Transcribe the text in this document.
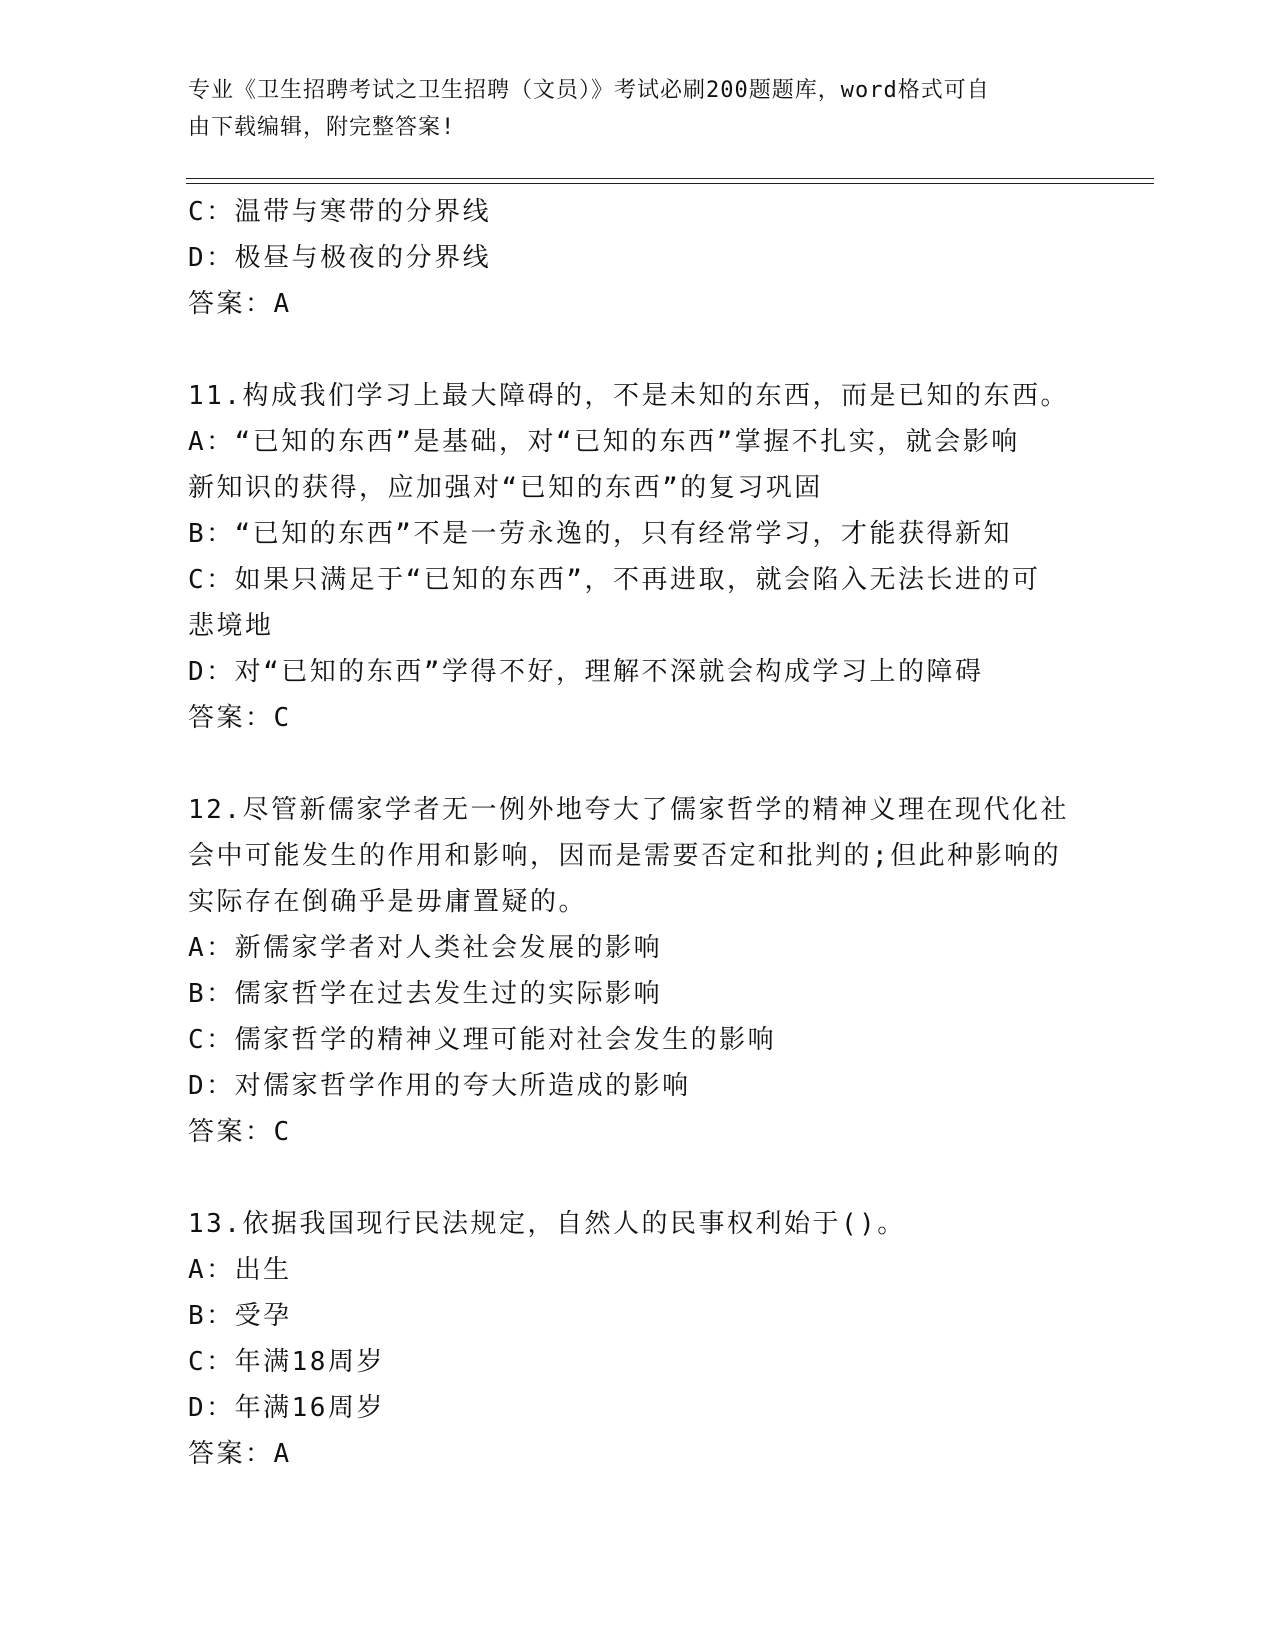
专业《卫生招聘考试之卫生招聘（文员）》考试必刷200题题库，word格式可自
由下载编辑，附完整答案!
C：温带与寒带的分界线
D：极昼与极夜的分界线
答案：A
11.构成我们学习上最大障碍的，不是未知的东西，而是已知的东西。
A：“已知的东西”是基础，对“已知的东西”掌握不扎实，就会影响
新知识的获得，应加强对“已知的东西”的复习巩固
B：“已知的东西”不是一劳永逸的，只有经常学习，才能获得新知
C：如果只满足于“已知的东西”，不再进取，就会陷入无法长进的可
悲境地
D：对“已知的东西”学得不好，理解不深就会构成学习上的障碍
答案：C
12.尽管新儒家学者无一例外地夸大了儒家哲学的精神义理在现代化社
会中可能发生的作用和影响，因而是需要否定和批判的;但此种影响的
实际存在倒确乎是毋庸置疑的。
A：新儒家学者对人类社会发展的影响
B：儒家哲学在过去发生过的实际影响
C：儒家哲学的精神义理可能对社会发生的影响
D：对儒家哲学作用的夸大所造成的影响
答案：C
13.依据我国现行民法规定，自然人的民事权利始于()。
A：出生
B：受孕
C：年满18周岁
D：年满16周岁
答案：A
